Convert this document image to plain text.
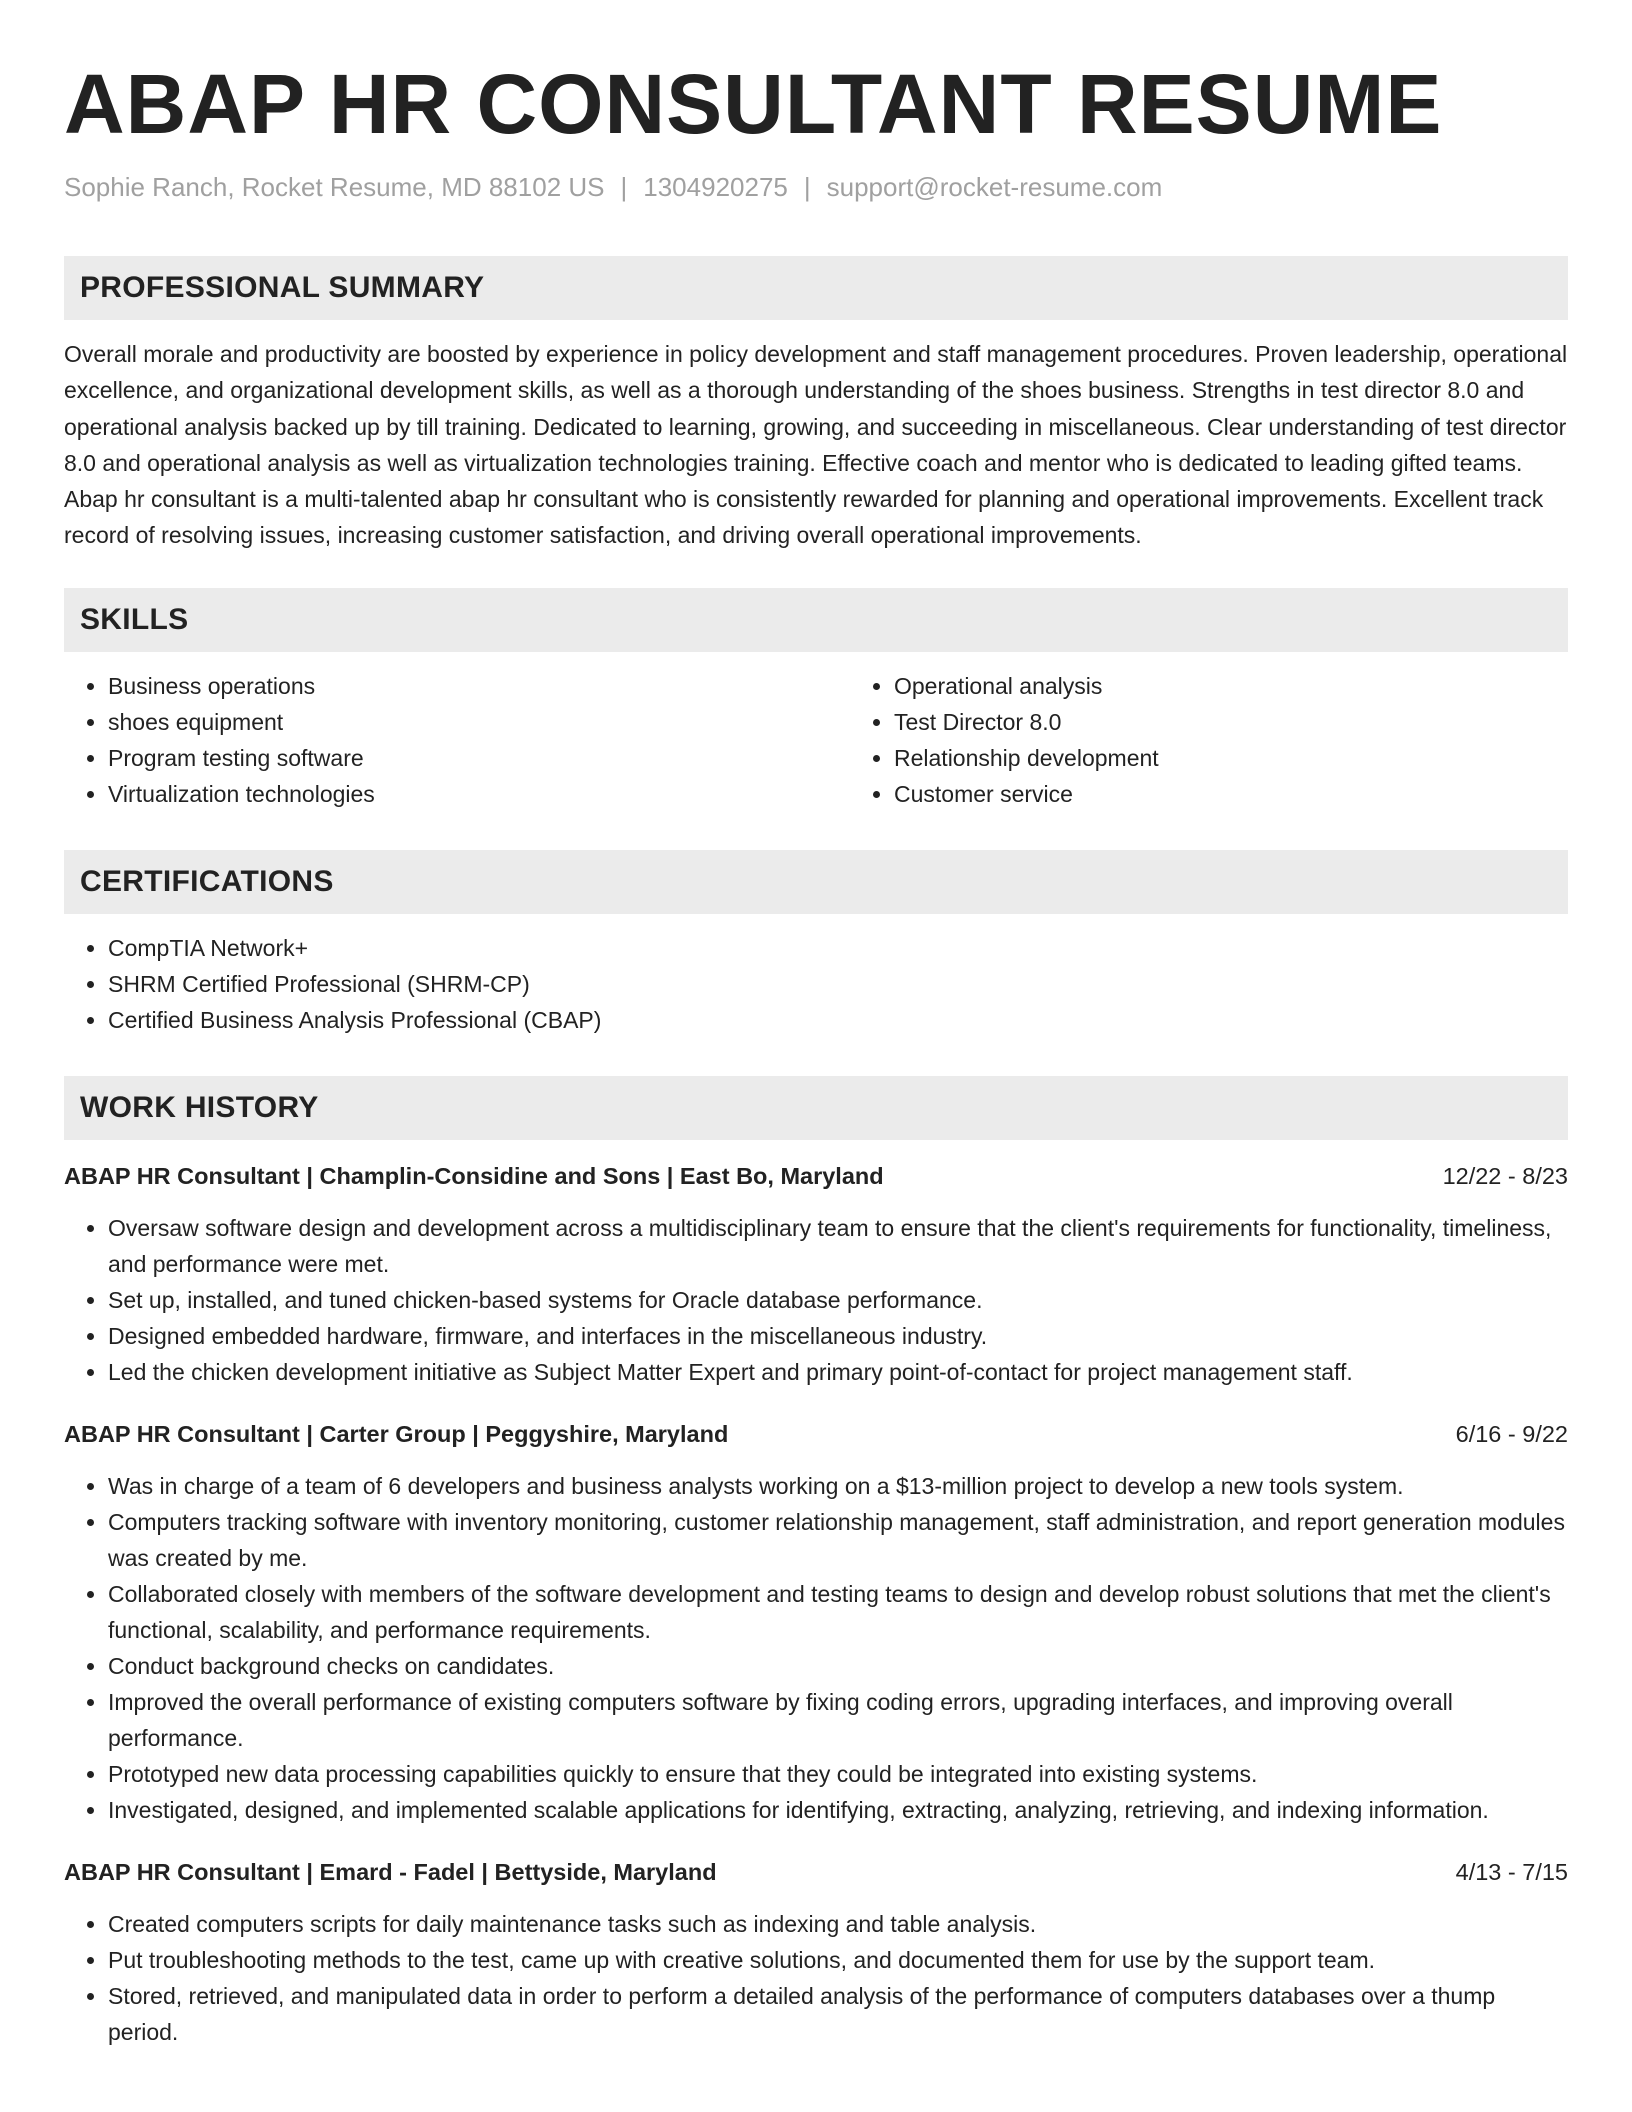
ABAP HR CONSULTANT RESUME
Sophie Ranch, Rocket Resume, MD 88102 US | 1304920275 | support@rocket-resume.com
PROFESSIONAL SUMMARY

Overall morale and productivity are boosted by experience in policy development and staff management procedures. Proven leadership, operational excellence, and organizational development skills, as well as a thorough understanding of the shoes business. Strengths in test director 8.0 and operational analysis backed up by till training. Dedicated to learning, growing, and succeeding in miscellaneous. Clear understanding of test director 8.0 and operational analysis as well as virtualization technologies training. Effective coach and mentor who is dedicated to leading gifted teams. Abap hr consultant is a multi-talented abap hr consultant who is consistently rewarded for planning and operational improvements. Excellent track record of resolving issues, increasing customer satisfaction, and driving overall operational improvements.

SKILLS
• Business operations
• shoes equipment
• Program testing software
• Virtualization technologies
• Operational analysis
• Test Director 8.0
• Relationship development
• Customer service
CERTIFICATIONS
• CompTIA Network+
• SHRM Certified Professional (SHRM-CP)
• Certified Business Analysis Professional (CBAP)
WORK HISTORY
ABAP HR Consultant | Champlin-Considine and Sons | East Bo, Maryland	12/22 - 8/23
• Oversaw software design and development across a multidisciplinary team to ensure that the client's requirements for functionality, timeliness, and performance were met.
• Set up, installed, and tuned chicken-based systems for Oracle database performance.
• Designed embedded hardware, firmware, and interfaces in the miscellaneous industry.
• Led the chicken development initiative as Subject Matter Expert and primary point-of-contact for project management staff.
ABAP HR Consultant | Carter Group | Peggyshire, Maryland	6/16 - 9/22
• Was in charge of a team of 6 developers and business analysts working on a $13-million project to develop a new tools system.
• Computers tracking software with inventory monitoring, customer relationship management, staff administration, and report generation modules was created by me.
• Collaborated closely with members of the software development and testing teams to design and develop robust solutions that met the client's functional, scalability, and performance requirements.
• Conduct background checks on candidates.
• Improved the overall performance of existing computers software by fixing coding errors, upgrading interfaces, and improving overall performance.
• Prototyped new data processing capabilities quickly to ensure that they could be integrated into existing systems.
• Investigated, designed, and implemented scalable applications for identifying, extracting, analyzing, retrieving, and indexing information.
ABAP HR Consultant | Emard - Fadel | Bettyside, Maryland	4/13 - 7/15
• Created computers scripts for daily maintenance tasks such as indexing and table analysis.
• Put troubleshooting methods to the test, came up with creative solutions, and documented them for use by the support team.
• Stored, retrieved, and manipulated data in order to perform a detailed analysis of the performance of computers databases over a thump period.
